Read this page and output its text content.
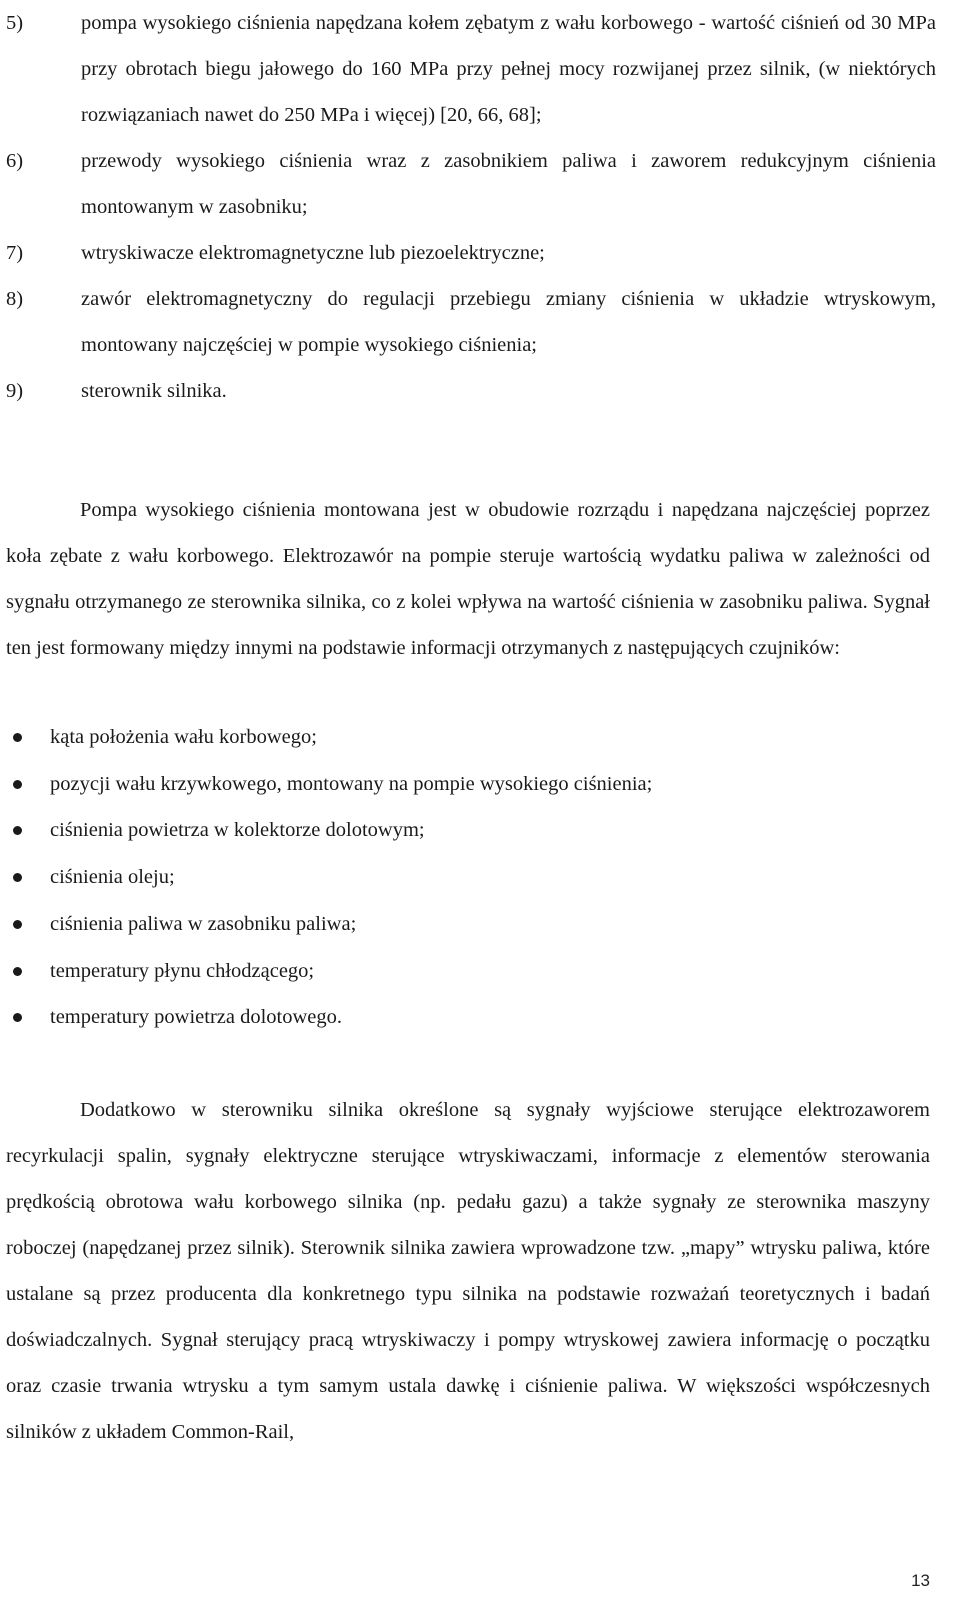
5)	pompa wysokiego ciśnienia napędzana kołem zębatym z wału korbowego - wartość ciśnień od 30 MPa przy obrotach biegu jałowego do 160 MPa przy pełnej mocy rozwijanej przez silnik, (w niektórych rozwiązaniach nawet do 250 MPa i więcej) [20, 66, 68];
6)	przewody wysokiego ciśnienia wraz z zasobnikiem paliwa i zaworem redukcyjnym ciśnienia montowanym w zasobniku;
7)	wtryskiwacze elektromagnetyczne lub piezoelektryczne;
8)	zawór elektromagnetyczny do regulacji przebiegu zmiany ciśnienia w układzie wtryskowym, montowany najczęściej w pompie wysokiego ciśnienia;
9)	sterownik silnika.

Pompa wysokiego ciśnienia montowana jest w obudowie rozrządu i napędzana najczęściej poprzez koła zębate z wału korbowego. Elektrozawór na pompie steruje wartością wydatku paliwa w zależności od sygnału otrzymanego ze sterownika silnika, co z kolei wpływa na wartość ciśnienia w zasobniku paliwa. Sygnał ten jest formowany między innymi na podstawie informacji otrzymanych z następujących czujników:

kąta położenia wału korbowego;
pozycji wału krzywkowego, montowany na pompie wysokiego ciśnienia;
ciśnienia powietrza w kolektorze dolotowym;
ciśnienia oleju;
ciśnienia paliwa w zasobniku paliwa;
temperatury płynu chłodzącego;
temperatury powietrza dolotowego.

Dodatkowo w sterowniku silnika określone są sygnały wyjściowe sterujące elektrozaworem recyrkulacji spalin, sygnały elektryczne sterujące wtryskiwaczami, informacje z elementów sterowania prędkością obrotowa wału korbowego silnika (np. pedału gazu) a także sygnały ze sterownika maszyny roboczej (napędzanej przez silnik). Sterownik silnika zawiera wprowadzone tzw. „mapy” wtrysku paliwa, które ustalane są przez producenta dla konkretnego typu silnika na podstawie rozważań teoretycznych i badań doświadczalnych. Sygnał sterujący pracą wtryskiwaczy i pompy wtryskowej zawiera informację o początku oraz czasie trwania wtrysku a tym samym ustala dawkę i ciśnienie paliwa. W większości współczesnych silników z układem Common-Rail,

13
